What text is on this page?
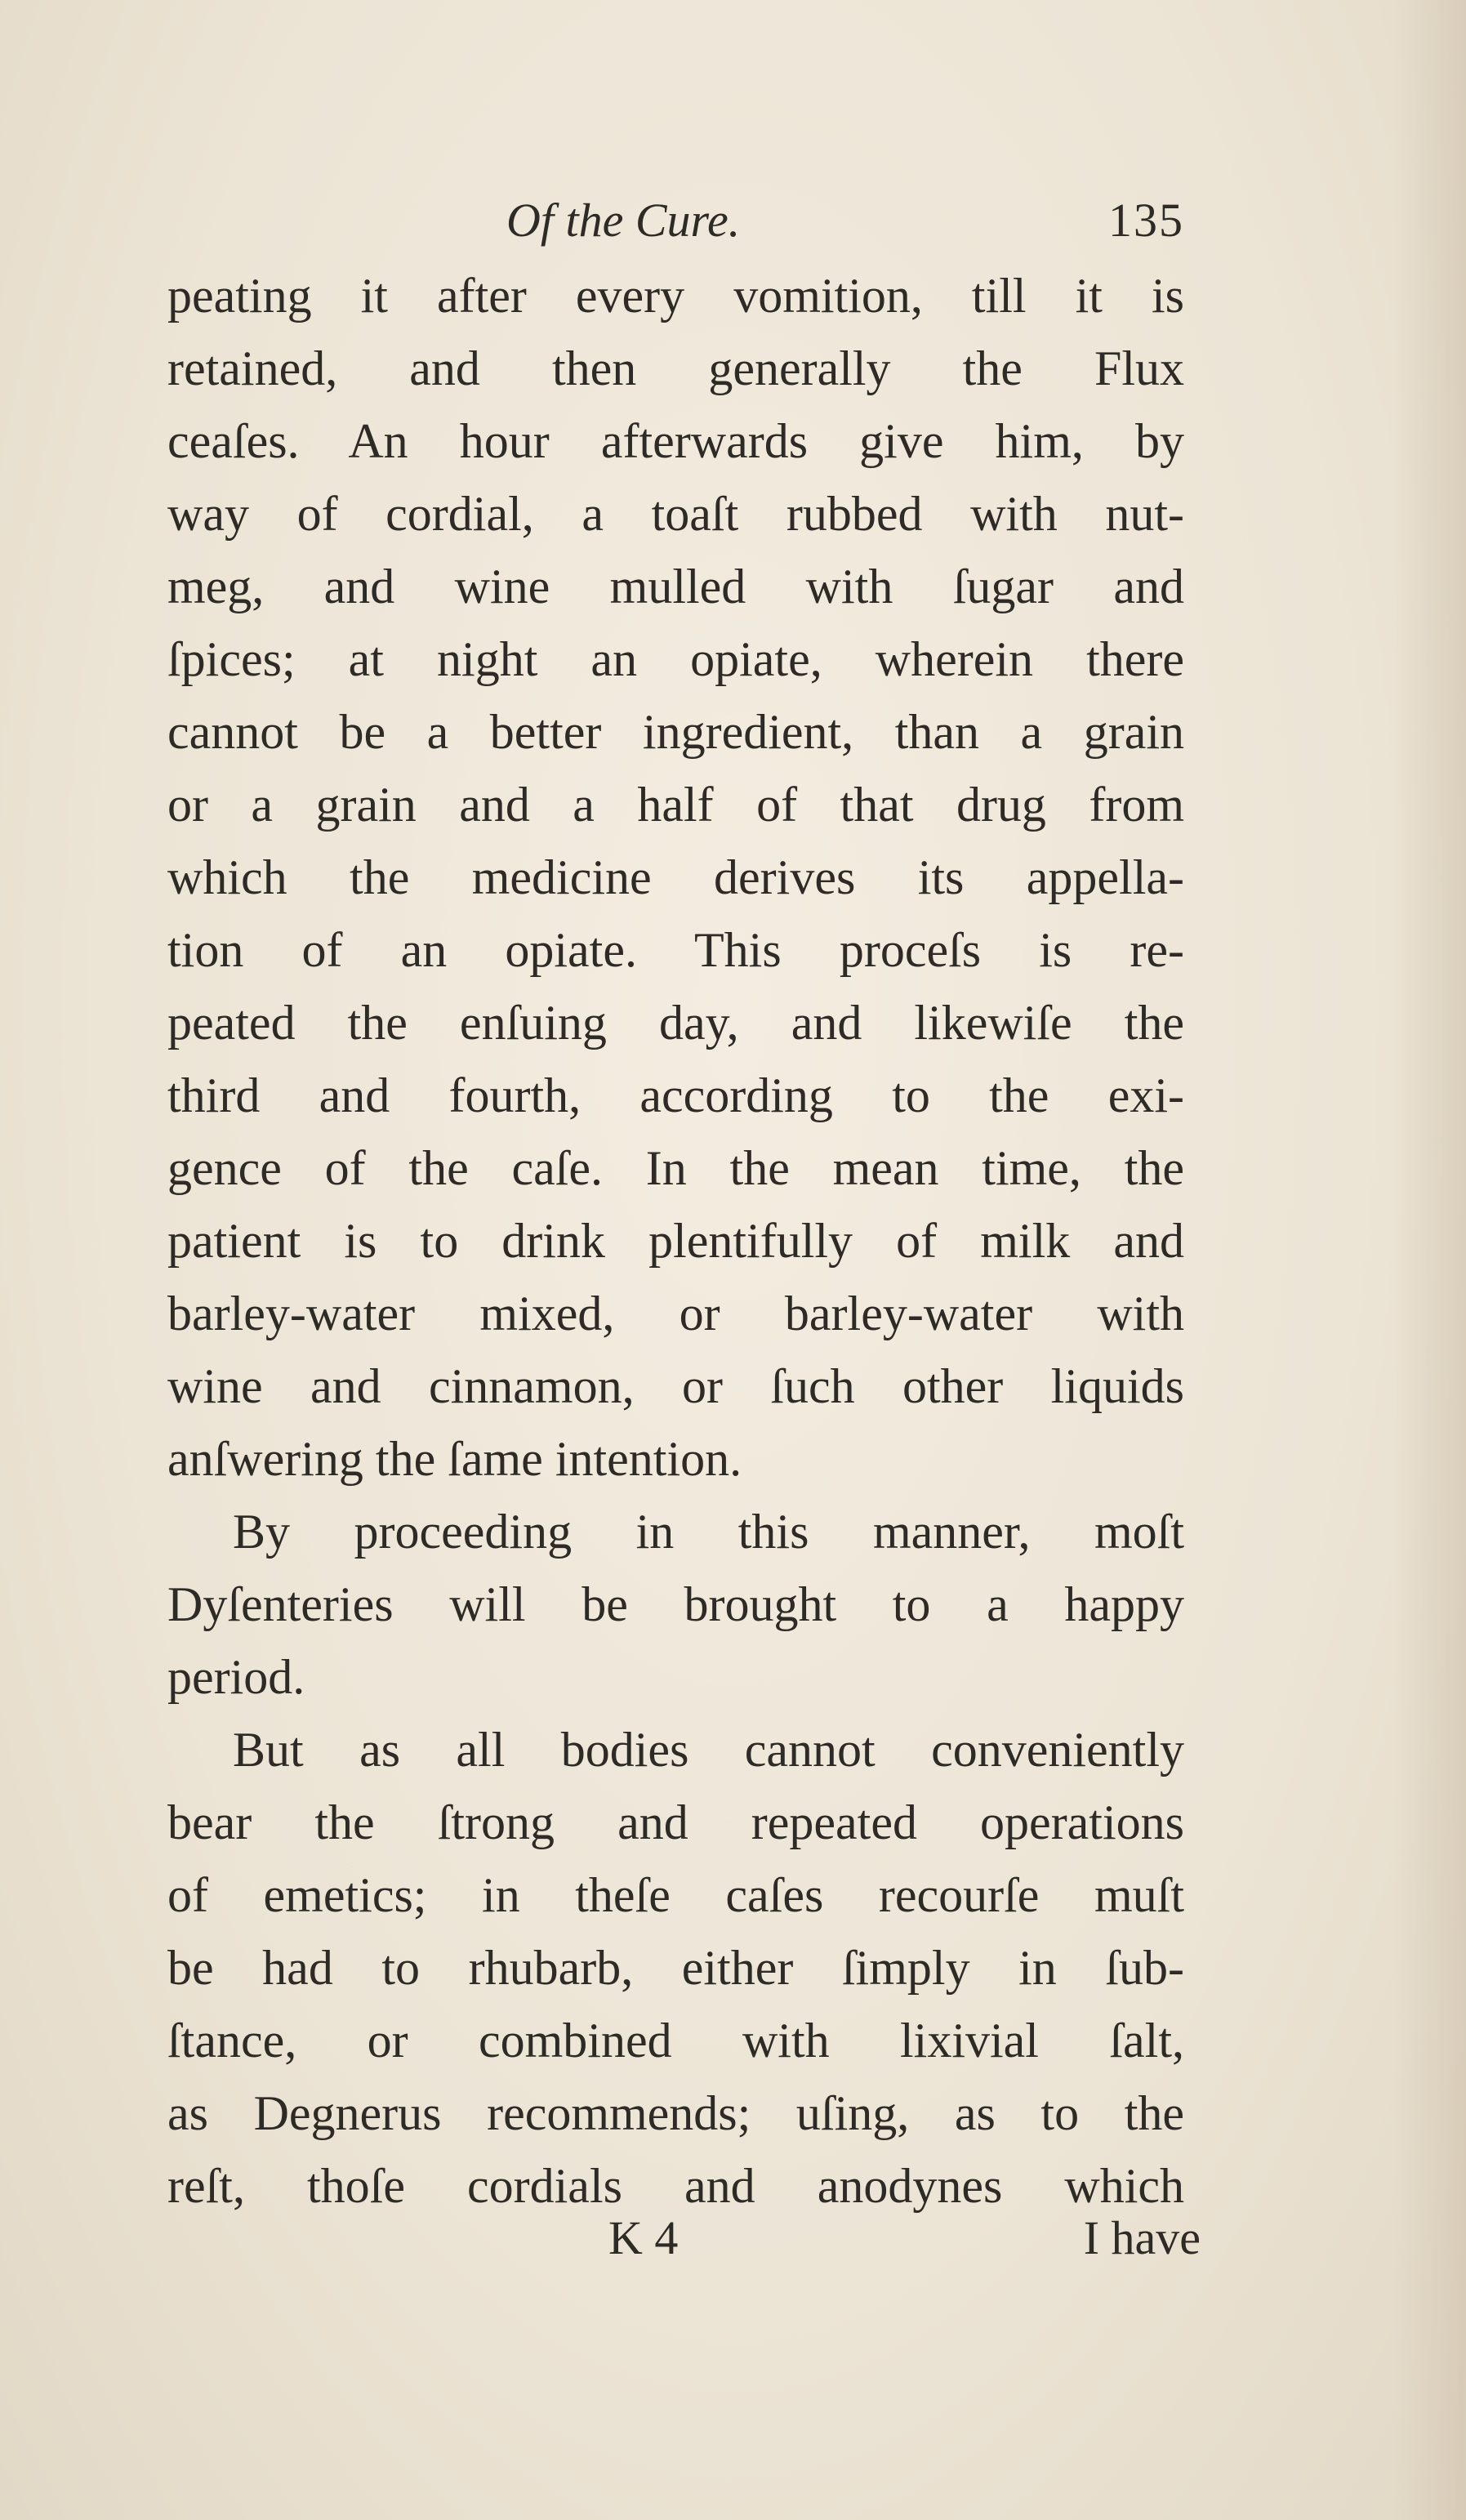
Of the Cure.	135
peating it after every vomition, till it is
retained, and then generally the Flux
ceaſes. An hour afterwards give him, by
way of cordial, a toaſt rubbed with nut-
meg, and wine mulled with ſugar and
ſpices; at night an opiate, wherein there
cannot be a better ingredient, than a grain
or a grain and a half of that drug from
which the medicine derives its appella-
tion of an opiate. This proceſs is re-
peated the enſuing day, and likewiſe the
third and fourth, according to the exi-
gence of the caſe. In the mean time, the
patient is to drink plentifully of milk and
barley-water mixed, or barley-water with
wine and cinnamon, or ſuch other liquids
anſwering the ſame intention.
By proceeding in this manner, moſt
Dyſenteries will be brought to a happy
period.
But as all bodies cannot conveniently
bear the ſtrong and repeated operations
of emetics; in theſe caſes recourſe muſt
be had to rhubarb, either ſimply in ſub-
ſtance, or combined with lixivial ſalt,
as Degnerus recommends; uſing, as to the
reſt, thoſe cordials and anodynes which
K 4	I have
